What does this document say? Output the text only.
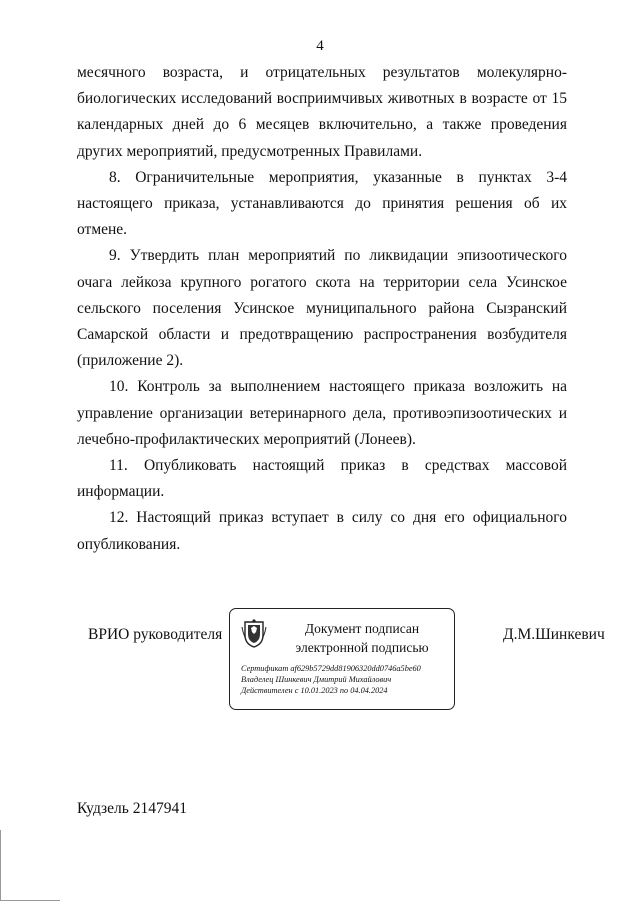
4

месячного возраста, и отрицательных результатов молекулярно-биологических исследований восприимчивых животных в возрасте от 15 календарных дней до 6 месяцев включительно, а также проведения других мероприятий, предусмотренных Правилами.

8. Ограничительные мероприятия, указанные в пунктах 3-4 настоящего приказа, устанавливаются до принятия решения об их отмене.

9. Утвердить план мероприятий по ликвидации эпизоотического очага лейкоза крупного рогатого скота на территории села Усинское сельского поселения Усинское муниципального района Сызранский Самарской области и предотвращению распространения возбудителя (приложение 2).

10. Контроль за выполнением настоящего приказа возложить на управление организации ветеринарного дела, противоэпизоотических и лечебно-профилактических мероприятий (Лонеев).

11. Опубликовать настоящий приказ в средствах массовой информации.

12. Настоящий приказ вступает в силу со дня его официального опубликования.

ВРИО руководителя	Документ подписан
электронной подписью
Сертификат af629b5729dd81906320dd0746a5be60
Владелец Шинкевич Дмитрий Михайлович
Действителен с 10.01.2023 по 04.04.2024
Д.М.Шинкевич
Кудзель 2147941
